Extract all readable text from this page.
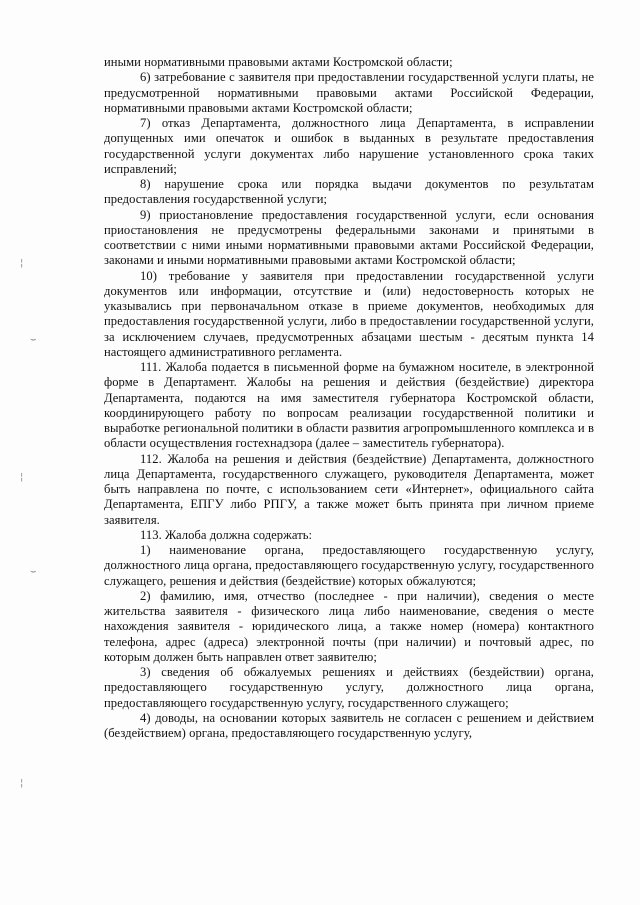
¦
¦
¦
⌣
⌣

иными нормативными правовыми актами Костромской области;

6) затребование с заявителя при предоставлении государственной услуги платы, не предусмотренной нормативными правовыми актами Российской Федерации, нормативными правовыми актами Костромской области;

7) отказ Департамента, должностного лица Департамента, в исправлении допущенных ими опечаток и ошибок в выданных в результате предоставления государственной услуги документах либо нарушение установленного срока таких исправлений;

8) нарушение срока или порядка выдачи документов по результатам предоставления государственной услуги;

9) приостановление предоставления государственной услуги, если основания приостановления не предусмотрены федеральными законами и принятыми в соответствии с ними иными нормативными правовыми актами Российской Федерации, законами и иными нормативными правовыми актами Костромской области;

10) требование у заявителя при предоставлении государственной услуги документов или информации, отсутствие и (или) недостоверность которых не указывались при первоначальном отказе в приеме документов, необходимых для предоставления государственной услуги, либо в предоставлении государственной услуги, за исключением случаев, предусмотренных абзацами шестым - десятым пункта 14 настоящего административного регламента.

111. Жалоба подается в письменной форме на бумажном носителе, в электронной форме в Департамент. Жалобы на решения и действия (бездействие) директора Департамента, подаются на имя заместителя губернатора Костромской области, координирующего работу по вопросам реализации государственной политики и выработке региональной политики в области развития агропромышленного комплекса и в области осуществления гостехнадзора (далее – заместитель губернатора).

112. Жалоба на решения и действия (бездействие) Департамента, должностного лица Департамента, государственного служащего, руководителя Департамента, может быть направлена по почте, с использованием сети «Интернет», официального сайта Департамента, ЕПГУ либо РПГУ, а также может быть принята при личном приеме заявителя.

113. Жалоба должна содержать:

1) наименование органа, предоставляющего государственную услугу, должностного лица органа, предоставляющего государственную услугу, государственного служащего, решения и действия (бездействие) которых обжалуются;

2) фамилию, имя, отчество (последнее - при наличии), сведения о месте жительства заявителя - физического лица либо наименование, сведения о месте нахождения заявителя - юридического лица, а также номер (номера) контактного телефона, адрес (адреса) электронной почты (при наличии) и почтовый адрес, по которым должен быть направлен ответ заявителю;

3) сведения об обжалуемых решениях и действиях (бездействии) органа, предоставляющего государственную услугу, должностного лица органа, предоставляющего государственную услугу, государственного служащего;

4) доводы, на основании которых заявитель не согласен с решением и действием (бездействием) органа, предоставляющего государственную услугу,
